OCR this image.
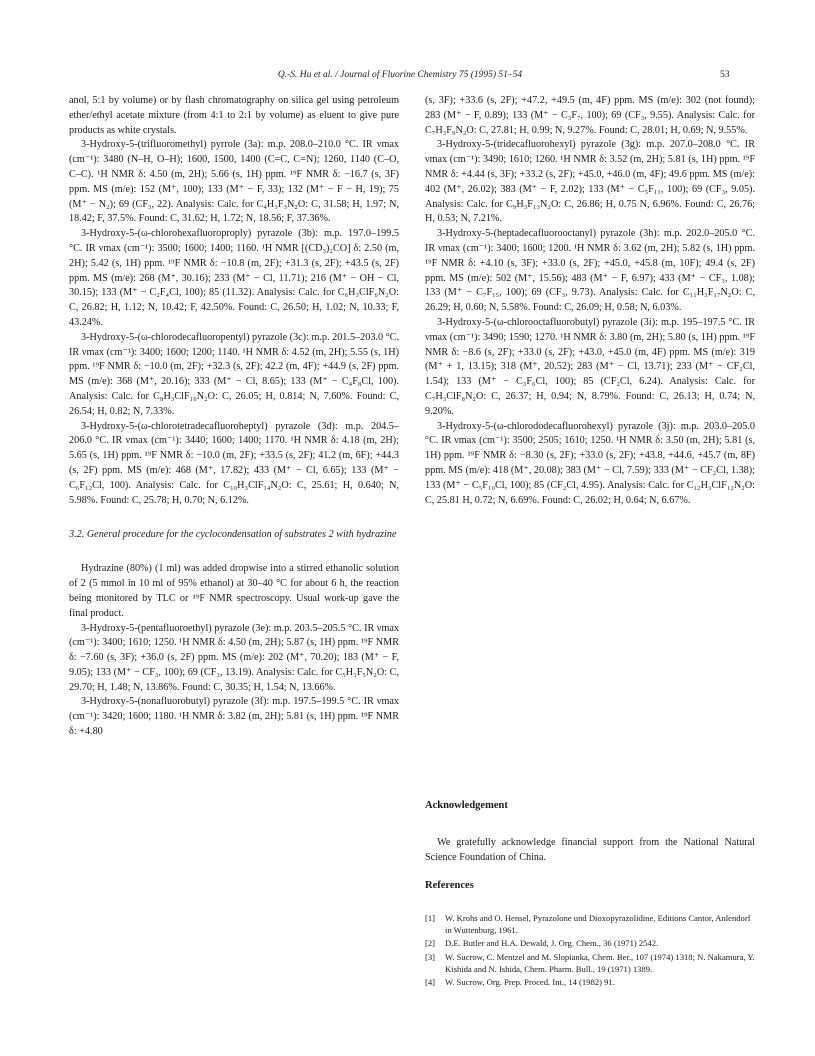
Q.-S. Hu et al. / Journal of Fluorine Chemistry 75 (1995) 51–54	53

anol, 5:1 by volume) or by flash chromatography on silica gel using petroleum ether/ethyl acetate mixture (from 4:1 to 2:1 by volume) as eluent to give pure products as white crystals.

3-Hydroxy-5-(trifluoromethyl) pyrrole (3a): m.p. 208.0–210.0 °C. IR νmax (cm⁻¹): 3480 (N–H, O–H); 1600, 1500, 1400 (C=C, C=N); 1260, 1140 (C–O, C–C). ¹H NMR δ: 4.50 (m, 2H); 5.66 (s, 1H) ppm. ¹⁹F NMR δ: −16.7 (s, 3F) ppm. MS (m/e): 152 (M⁺, 100); 133 (M⁺ − F, 33); 132 (M⁺ − F − H, 19); 75 (M⁺ − N₂); 69 (CF₃, 22). Analysis: Calc. for C₄H₃F₃N₂O: C, 31.58; H, 1.97; N, 18.42; F, 37.5%. Found: C, 31.62; H, 1.72; N, 18.56; F, 37.36%.

3-Hydroxy-5-(ω-chlorohexafluoroproply) pyrazole (3b): m.p. 197.0–199.5 °C. IR νmax (cm⁻¹): 3500; 1600; 1400; 1160. ¹H NMR [(CD₃)₂CO] δ: 2.50 (m, 2H); 5.42 (s, 1H) ppm. ¹⁹F NMR δ: −10.8 (m, 2F); +31.3 (s, 2F); +43.5 (s, 2F) ppm. MS (m/e): 268 (M⁺, 30.16); 233 (M⁺ − Cl, 11.71); 216 (M⁺ − OH − Cl, 30.15); 133 (M⁺ − C₂F₄Cl, 100); 85 (11.32). Analysis: Calc. for C₆H₃ClF₆N₂O: C, 26.82; H, 1.12; N, 10.42; F, 42.50%. Found: C, 26.50; H, 1.02; N, 10.33; F, 43.24%.

3-Hydroxy-5-(ω-chlorodecafluoropentyl) pyrazole (3c): m.p. 201.5–203.0 °C. IR νmax (cm⁻¹): 3400; 1600; 1200; 1140. ¹H NMR δ: 4.52 (m, 2H); 5.55 (s, 1H) ppm. ¹⁹F NMR δ: −10.0 (m, 2F); +32.3 (s, 2F); 42.2 (m, 4F); +44.9 (s, 2F) ppm. MS (m/e): 368 (M⁺, 20.16); 333 (M⁺ − Cl, 8.65); 133 (M⁺ − C₄F₈Cl, 100). Analysis: Calc. for C₈H₃ClF₁₀N₂O: C, 26.05; H, 0.814; N, 7.60%. Found: C, 26.54; H, 0.82; N, 7.33%.

3-Hydroxy-5-(ω-chlorotetradecafluoroheptyl) pyrazole (3d): m.p. 204.5–206.0 °C. IR νmax (cm⁻¹): 3440; 1600; 1400; 1170. ¹H NMR δ: 4.18 (m, 2H); 5.65 (s, 1H) ppm. ¹⁹F NMR δ: −10.0 (m, 2F); +33.5 (s, 2F); 41.2 (m, 6F); +44.3 (s, 2F) ppm. MS (m/e): 468 (M⁺, 17.82); 433 (M⁺ − Cl, 6.65); 133 (M⁺ − C₆F₁₂Cl, 100). Analysis: Calc. for C₁₀H₃ClF₁₄N₂O: C, 25.61; H, 0.640; N, 5.98%. Found: C, 25.78; H, 0.70; N, 6.12%.

3.2. General procedure for the cyclocondensation of substrates 2 with hydrazine

Hydrazine (80%) (1 ml) was added dropwise into a stirred ethanolic solution of 2 (5 mmol in 10 ml of 95% ethanol) at 30–40 °C for about 6 h, the reaction being monitored by TLC or ¹⁹F NMR spectroscopy. Usual work-up gave the final product.

3-Hydroxy-5-(pentafluoroethyl) pyrazole (3e): m.p. 203.5–205.5 °C. IR νmax (cm⁻¹): 3400; 1610; 1250. ¹H NMR δ: 4.50 (m, 2H); 5.87 (s, 1H) ppm. ¹⁹F NMR δ: −7.60 (s, 3F); +36.0 (s, 2F) ppm. MS (m/e): 202 (M⁺, 70.20); 183 (M⁺ − F, 9.05); 133 (M⁺ − CF₃, 100); 69 (CF₃, 13.19). Analysis: Calc. for C₅H₃F₅N₂O: C, 29.70; H, 1.48; N, 13.86%. Found: C, 30.35; H, 1.54; N, 13.66%.

3-Hydroxy-5-(nonafluorobutyl) pyrazole (3f): m.p. 197.5–199.5 °C. IR νmax (cm⁻¹): 3420; 1600; 1180. ¹H NMR δ: 3.82 (m, 2H); 5.81 (s, 1H) ppm. ¹⁹F NMR δ: +4.80

(s, 3F); +33.6 (s, 2F); +47.2, +49.5 (m, 4F) ppm. MS (m/e): 302 (not found); 283 (M⁺ − F, 0.89); 133 (M⁺ − C₃F₇, 100); 69 (CF₃, 9.55). Analysis: Calc. for C₇H₃F₉N₂O: C, 27.81; H, 0.99; N, 9.27%. Found: C, 28.01; H, 0.69; N, 9.55%.

3-Hydroxy-5-(tridecafluorohexyl) pyrazole (3g): m.p. 207.0–208.0 °C. IR νmax (cm⁻¹): 3490; 1610; 1260. ¹H NMR δ: 3.52 (m, 2H); 5.81 (s, 1H) ppm. ¹⁹F NMR δ: +4.44 (s, 3F); +33.2 (s, 2F); +45.0, +46.0 (m, 4F); 49.6 ppm. MS (m/e): 402 (M⁺, 26.02); 383 (M⁺ − F, 2.02); 133 (M⁺ − C₅F₁₁, 100); 69 (CF₃, 9.05). Analysis: Calc. for C₉H₃F₁₃N₂O: C, 26.86; H, 0.75 N, 6.96%. Found: C, 26.76; H, 0.53; N, 7.21%.

3-Hydroxy-5-(heptadecafluorooctanyl) pyrazole (3h): m.p. 202.0–205.0 °C. IR νmax (cm⁻¹): 3400; 1600; 1200. ¹H NMR δ: 3.62 (m, 2H); 5.82 (s, 1H) ppm. ¹⁹F NMR δ: +4.10 (s, 3F); +33.0 (s, 2F); +45.0, +45.8 (m, 10F); 49.4 (s, 2F) ppm. MS (m/e): 502 (M⁺, 15.56); 483 (M⁺ − F, 6.97); 433 (M⁺ − CF₃, 1.08); 133 (M⁺ − C₇F₁₅, 100); 69 (CF₃, 9.73). Analysis: Calc. for C₁₁H₃F₁₇N₂O: C, 26.29; H, 0.60; N, 5.58%. Found: C, 26.09; H, 0.58; N, 6.03%.

3-Hydroxy-5-(ω-chlorooctafluorobutyl) pyrazole (3i): m.p. 195–197.5 °C. IR νmax (cm⁻¹): 3490; 1590; 1270. ¹H NMR δ: 3.80 (m, 2H); 5.80 (s, 1H) ppm. ¹⁹F NMR δ: −8.6 (s, 2F); +33.0 (s, 2F); +43.0, +45.0 (m, 4F) ppm. MS (m/e): 319 (M⁺ + 1, 13.15); 318 (M⁺, 20.52); 283 (M⁺ − Cl, 13.71); 233 (M⁺ − CF₂Cl, 1.54); 133 (M⁺ − C₃F₆Cl, 100); 85 (CF₂Cl, 6.24). Analysis: Calc. for C₇H₃ClF₈N₂O: C, 26.37; H, 0.94; N, 8.79%. Found: C, 26.13; H, 0.74; N, 9.20%.

3-Hydroxy-5-(ω-chlorododecafluorohexyl) pyrazole (3j): m.p. 203.0–205.0 °C. IR νmax (cm⁻¹): 3500; 2505; 1610; 1250. ¹H NMR δ: 3.50 (m, 2H); 5.81 (s, 1H) ppm. ¹⁹F NMR δ: −8.30 (s, 2F); +33.0 (s, 2F); +43.8, +44.6, +45.7 (m, 8F) ppm. MS (m/e): 418 (M⁺, 20.08); 383 (M⁺ − Cl, 7.59); 333 (M⁺ − CF₂Cl, 1.38); 133 (M⁺ − C₅F₁₀Cl, 100); 85 (CF₂Cl, 4.95). Analysis: Calc. for C₁₂H₃ClF₁₂N₂O: C, 25.81 H, 0.72; N, 6.69%. Found: C, 26.02; H, 0.64; N, 6.67%.

Acknowledgement
We gratefully acknowledge financial support from the National Natural Science Foundation of China.
References
[1] W. Krohs and O. Hensel, Pyrazolone und Dioxopyrazolidine, Editions Cantor, Anlendorf in Wuttenburg, 1961.
[2] D.E. Butler and H.A. Dewald, J. Org. Chem., 36 (1971) 2542.
[3] W. Sucrow, C. Mentzel and M. Slopianka, Chem. Ber., 107 (1974) 1318; N. Nakamura, Y. Kishida and N. Ishida, Chem. Pharm. Bull., 19 (1971) 1389.
[4] W. Sucrow, Org. Prep. Proced. Int., 14 (1982) 91.
